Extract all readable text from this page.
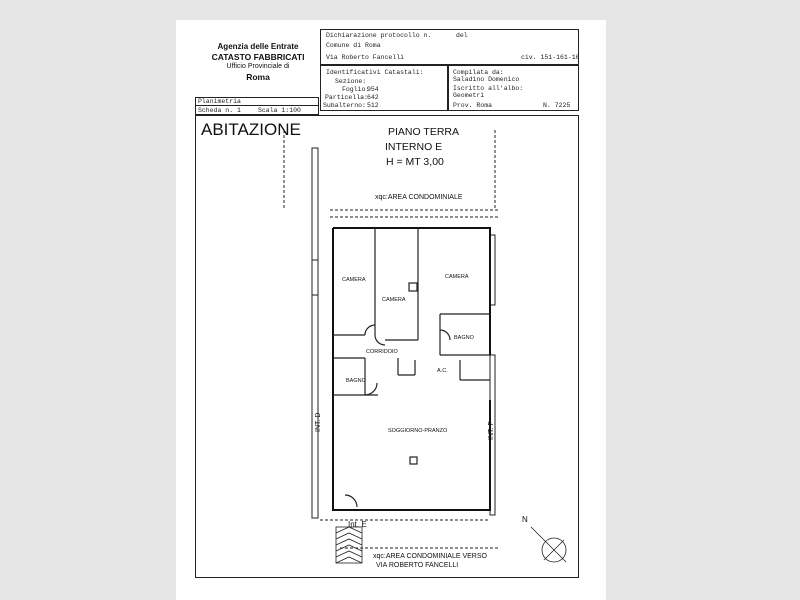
Agenzia delle Entrate
CATASTO FABBRICATI
Ufficio Provinciale di
Roma
Dichiarazione protocollo n.	del
Comune di Roma
Via Roberto Fancelli	civ. 151-161-16
Identificativi Catastali:
Sezione:
Foglio:
954
Particella: 642
Subalterno: 512
Compilata da:
Saladino Domenico
Iscritto all'albo:
Geometri
Prov. Roma	N. 7225
Planimetria
Scheda n. 1	Scala 1:100
ABITAZIONE	PIANO TERRA
INTERNO E
H = MT 3,00
xqc:AREA CONDOMINIALE
CAMERA
CAMERA
CAMERA
BAGNO
CORRIDOIO
A.C.
BAGNO
SOGGIORNO-PRANZO
INT. D	INT. F
Int. E
xqc:AREA CONDOMINIALE VERSO
VIA ROBERTO FANCELLI
N
